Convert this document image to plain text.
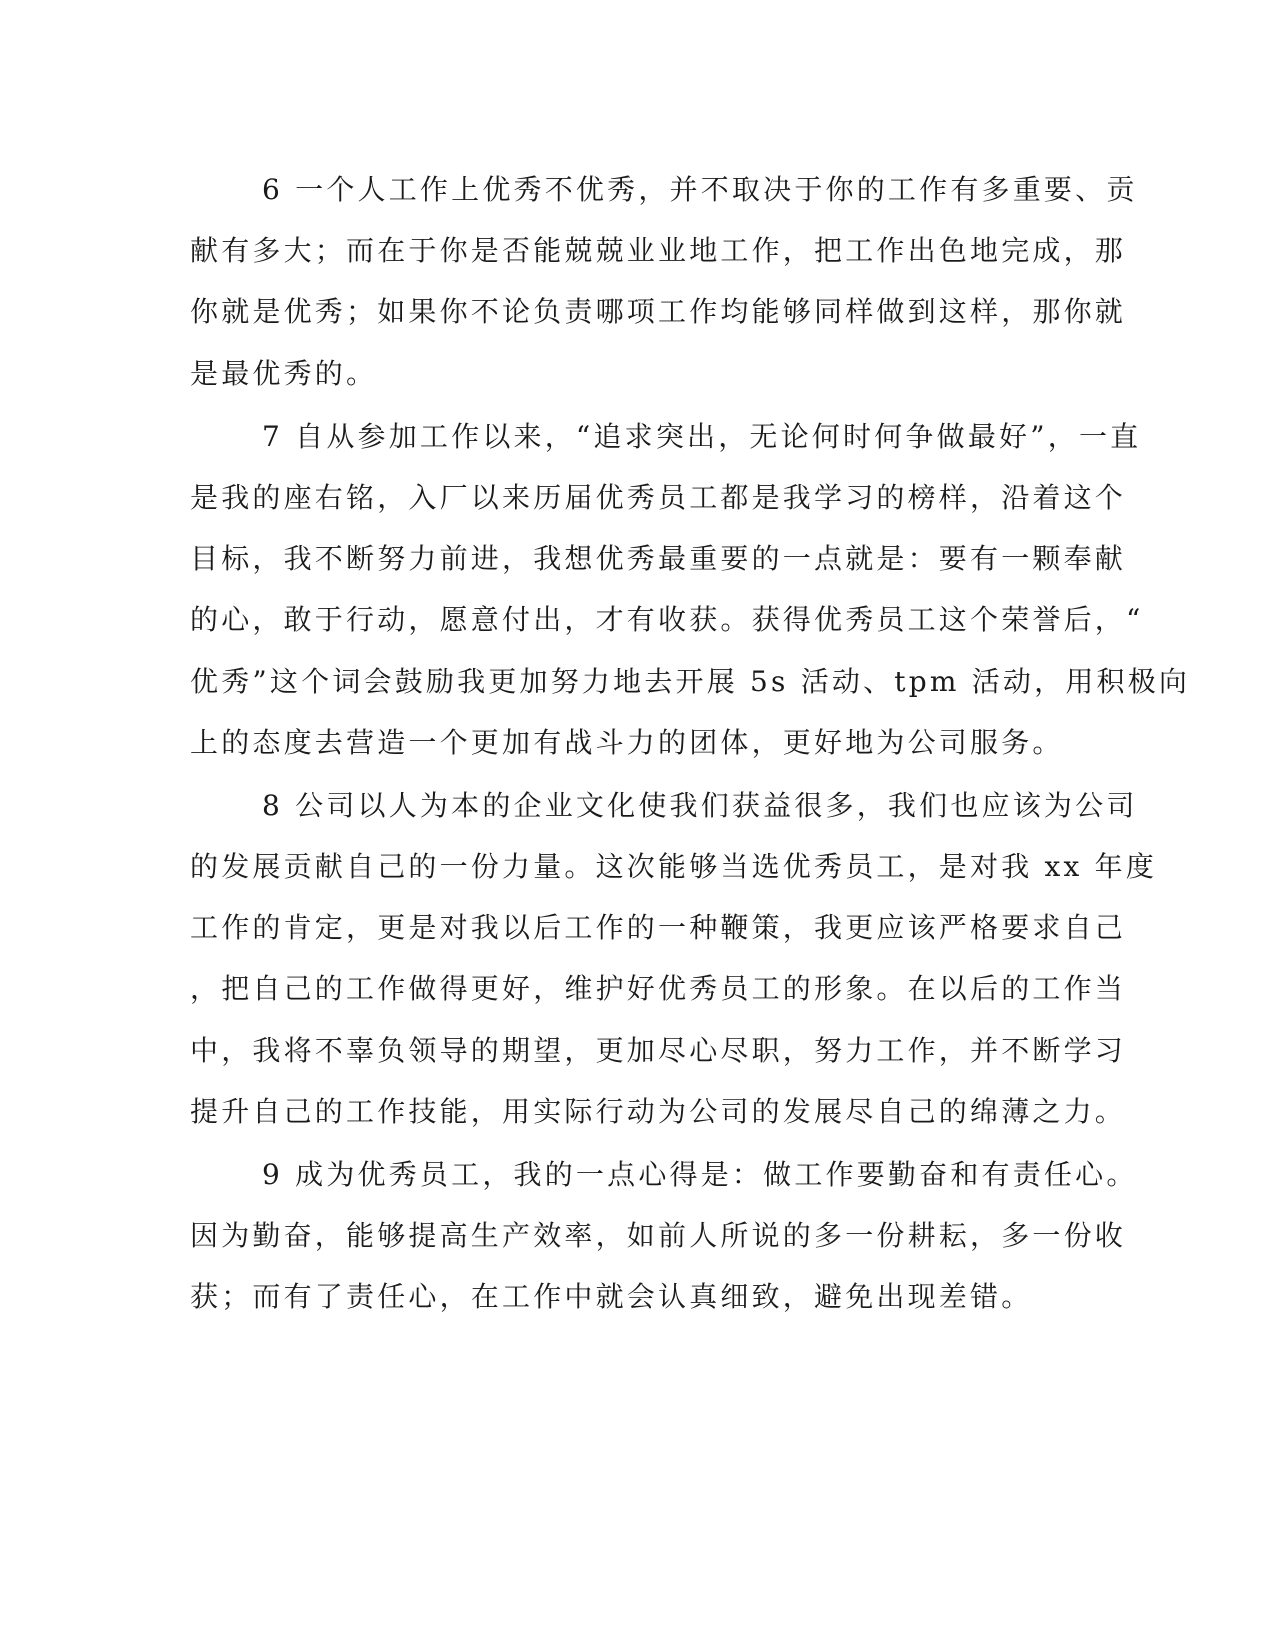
6 一个人工作上优秀不优秀，并不取决于你的工作有多重要、贡
献有多大；而在于你是否能兢兢业业地工作，把工作出色地完成，那
你就是优秀；如果你不论负责哪项工作均能够同样做到这样，那你就
是最优秀的。
7 自从参加工作以来，“追求突出，无论何时何争做最好”，一直
是我的座右铭，入厂以来历届优秀员工都是我学习的榜样，沿着这个
目标，我不断努力前进，我想优秀最重要的一点就是：要有一颗奉献
的心，敢于行动，愿意付出，才有收获。获得优秀员工这个荣誉后，“
优秀”这个词会鼓励我更加努力地去开展 5s 活动、tpm 活动，用积极向
上的态度去营造一个更加有战斗力的团体，更好地为公司服务。
8 公司以人为本的企业文化使我们获益很多，我们也应该为公司
的发展贡献自己的一份力量。这次能够当选优秀员工，是对我 xx 年度
工作的肯定，更是对我以后工作的一种鞭策，我更应该严格要求自己
，把自己的工作做得更好，维护好优秀员工的形象。在以后的工作当
中，我将不辜负领导的期望，更加尽心尽职，努力工作，并不断学习
提升自己的工作技能，用实际行动为公司的发展尽自己的绵薄之力。
9 成为优秀员工，我的一点心得是：做工作要勤奋和有责任心。
因为勤奋，能够提高生产效率，如前人所说的多一份耕耘，多一份收
获；而有了责任心，在工作中就会认真细致，避免出现差错。
